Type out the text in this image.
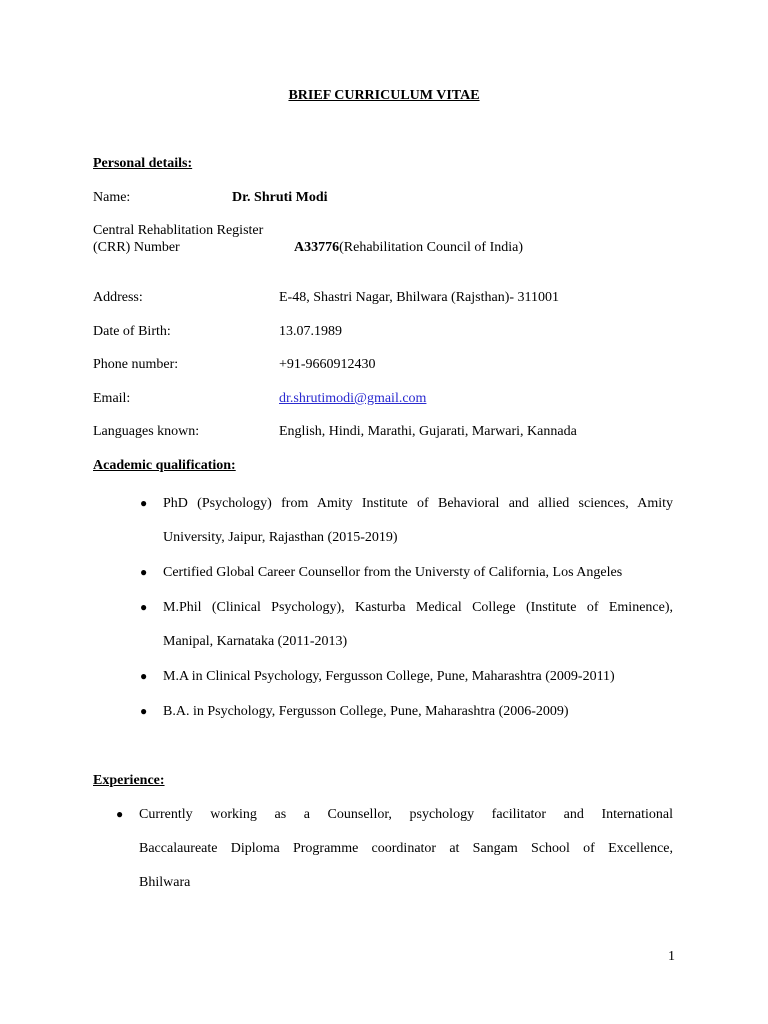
BRIEF CURRICULUM VITAE
Personal details:
Name:	Dr. Shruti Modi
Central Rehablitation Register
(CRR) Number	A33776(Rehabilitation Council of India)
Address:	E-48, Shastri Nagar, Bhilwara (Rajsthan)- 311001
Date of Birth:	13.07.1989
Phone number:	+91-9660912430
Email:	dr.shrutimodi@gmail.com
Languages known:	English, Hindi, Marathi, Gujarati, Marwari, Kannada
Academic qualification:
● PhD (Psychology) from Amity Institute of Behavioral and allied sciences, Amity
University, Jaipur, Rajasthan (2015-2019)
● Certified Global Career Counsellor from the Universty of California, Los Angeles
● M.Phil (Clinical Psychology), Kasturba Medical College (Institute of Eminence),
Manipal, Karnataka (2011-2013)
● M.A in Clinical Psychology, Fergusson College, Pune, Maharashtra (2009-2011)
● B.A. in Psychology, Fergusson College, Pune, Maharashtra (2006-2009)
Experience:
● Currently working as a Counsellor, psychology facilitator and International
Baccalaureate Diploma Programme coordinator at Sangam School of Excellence,
Bhilwara
1
